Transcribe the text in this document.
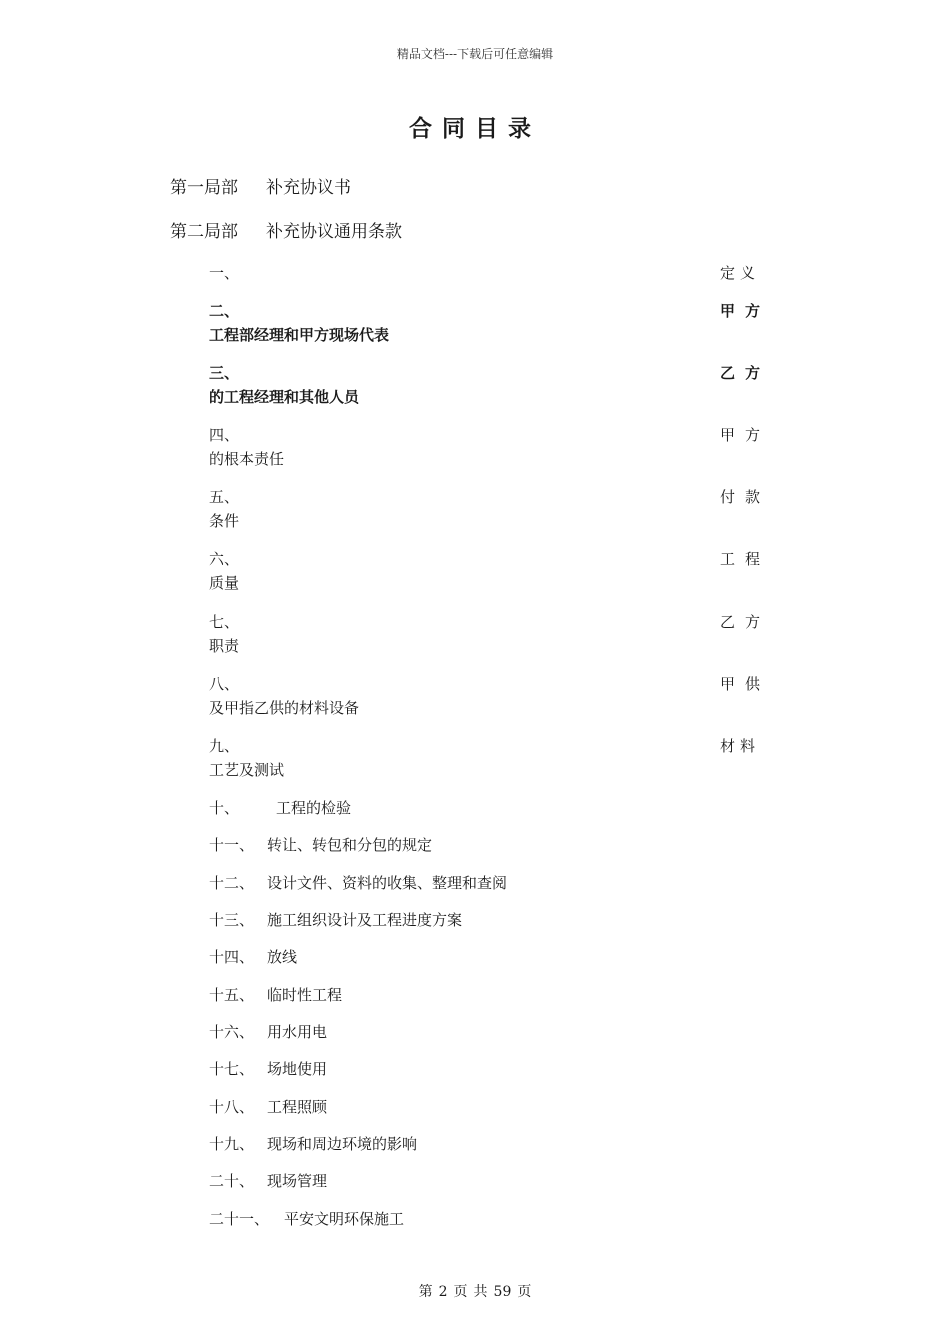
精品文档---下载后可任意编辑
合同目录
第一局部 补充协议书
第二局部 补充协议通用条款
一、	定义
二、	甲方
工程部经理和甲方现场代表
三、	乙方
的工程经理和其他人员
四、	甲方
的根本责任
五、	付款
条件
六、	工程
质量
七、	乙方
职责
八、	甲供
及甲指乙供的材料设备
九、	材料
工艺及测试
十、	工程的检验
十一、 转让、转包和分包的规定
十二、 设计文件、资料的收集、整理和查阅
十三、 施工组织设计及工程进度方案
十四、 放线
十五、 临时性工程
十六、 用水用电
十七、 场地使用
十八、 工程照顾
十九、 现场和周边环境的影响
二十、 现场管理
二十一、 平安文明环保施工
第 2 页 共 59 页
